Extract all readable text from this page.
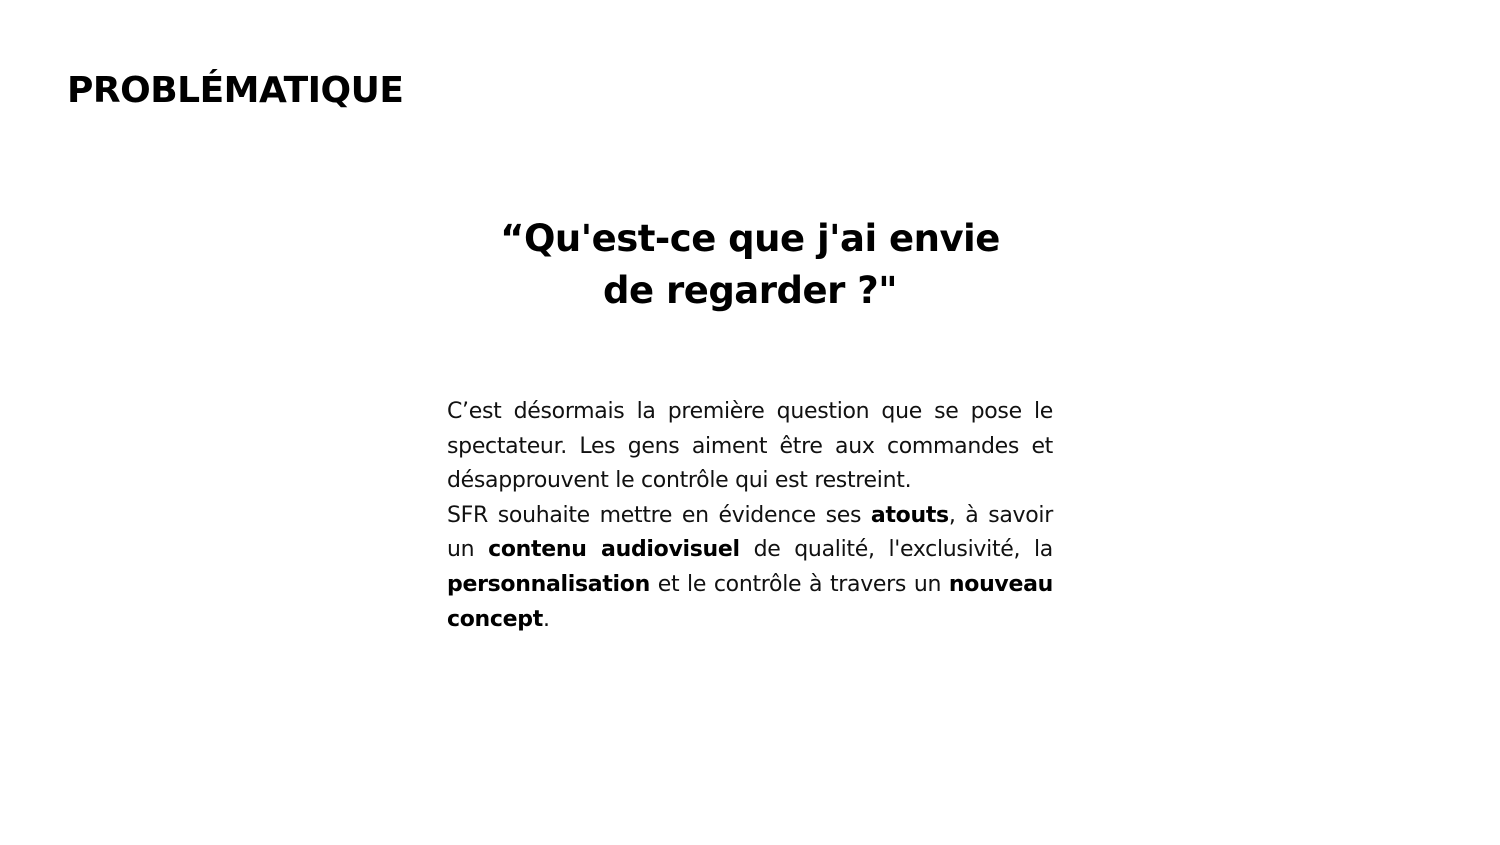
PROBLÉMATIQUE
“Qu'est-ce que j'ai envie
de regarder ?"

C’est désormais la première question que se pose le spectateur. Les gens aiment être aux commandes et désapprouvent le contrôle qui est restreint.

SFR souhaite mettre en évidence ses atouts, à savoir un contenu audiovisuel de qualité, l'exclusivité, la personnalisation et le contrôle à travers un nouveau concept.
